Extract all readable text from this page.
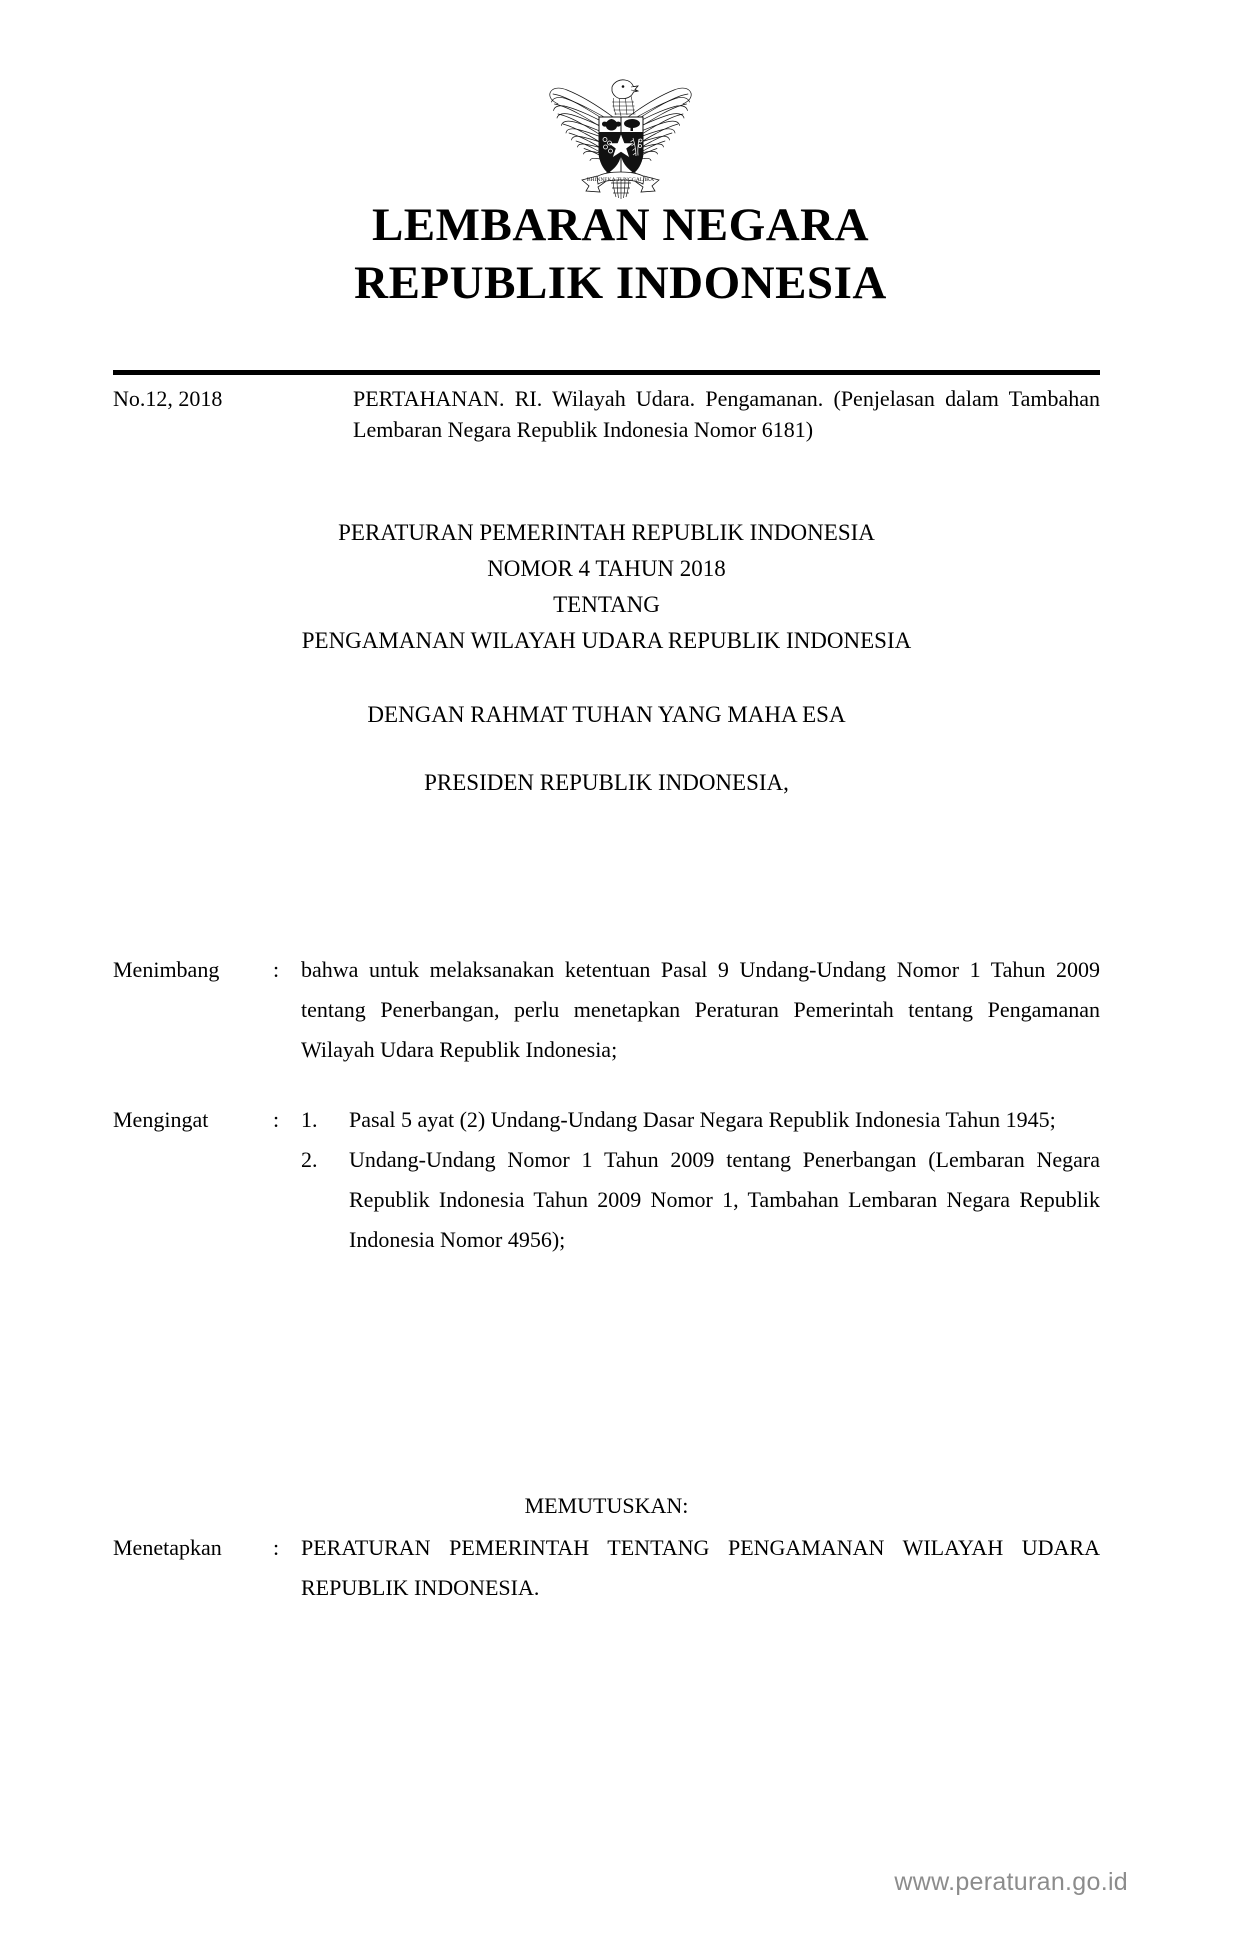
BHINNEKA TUNGGAL IKA
LEMBARAN NEGARA
REPUBLIK INDONESIA
No.12, 2018	PERTAHANAN. RI. Wilayah Udara. Pengamanan. (Penjelasan dalam Tambahan Lembaran Negara Republik Indonesia Nomor 6181)
PERATURAN PEMERINTAH REPUBLIK INDONESIA
NOMOR 4 TAHUN 2018
TENTANG
PENGAMANAN WILAYAH UDARA REPUBLIK INDONESIA
DENGAN RAHMAT TUHAN YANG MAHA ESA
PRESIDEN REPUBLIK INDONESIA,
Menimbang	: bahwa untuk melaksanakan ketentuan Pasal 9 Undang-Undang Nomor 1 Tahun 2009 tentang Penerbangan, perlu menetapkan Peraturan Pemerintah tentang Pengamanan Wilayah Udara Republik Indonesia;
Mengingat	: 1.	Pasal 5 ayat (2) Undang-Undang Dasar Negara Republik Indonesia Tahun 1945;
2.	Undang-Undang Nomor 1 Tahun 2009 tentang Penerbangan (Lembaran Negara Republik Indonesia Tahun 2009 Nomor 1, Tambahan Lembaran Negara Republik Indonesia Nomor 4956);
MEMUTUSKAN:
Menetapkan	: PERATURAN PEMERINTAH TENTANG PENGAMANAN WILAYAH UDARA REPUBLIK INDONESIA.
www.peraturan.go.id
